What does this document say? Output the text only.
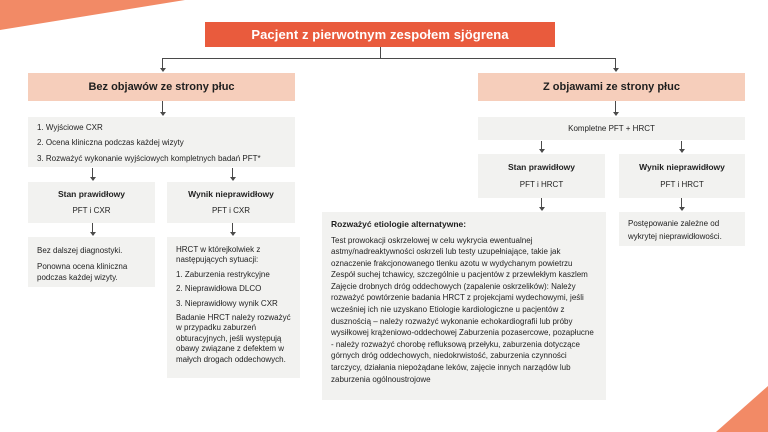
Pacjent z pierwotnym zespołem sjögrena
Bez objawów ze strony płuc
1. Wyjściowe CXR
2. Ocena kliniczna podczas każdej wizyty
3. Rozważyć wykonanie wyjściowych kompletnych badań PFT*
Stan prawidłowy
PFT i CXR
Wynik nieprawidłowy
PFT i CXR
Bez dalszej diagnostyki.
Ponowna ocena kliniczna podczas każdej wizyty.
HRCT w którejkolwiek z następujących sytuacji:
1. Zaburzenia restrykcyjne
2. Nieprawidłowa DLCO
3. Nieprawidłowy wynik CXR
Badanie HRCT należy rozważyć w przypadku zaburzeń obturacyjnych, jeśli występują obawy związane z defektem w małych drogach oddechowych.
Z objawami ze strony płuc
Kompletne PFT + HRCT
Stan prawidłowy
PFT i HRCT
Wynik nieprawidłowy
PFT i HRCT
Rozważyć etiologie alternatywne:
Test prowokacji oskrzelowej w celu wykrycia ewentualnej astmy/nadreaktywności oskrzeli lub testy uzupełniające, takie jak oznaczenie frakcjonowanego tlenku azotu w wydychanym powietrzu Zespół suchej tchawicy, szczególnie u pacjentów z przewlekłym kaszlem Zajęcie drobnych dróg oddechowych (zapalenie oskrzelików): Należy rozważyć powtórzenie badania HRCT z projekcjami wydechowymi, jeśli wcześniej ich nie uzyskano Etiologie kardiologiczne u pacjentów z dusznością – należy rozważyć wykonanie echokardiografii lub próby wysiłkowej krążeniowo-oddechowej Zaburzenia pozasercowe, pozapłucne - należy rozważyć chorobę refluksową przełyku, zaburzenia dotyczące górnych dróg oddechowych, niedokrwistość, zaburzenia czynności tarczycy, działania niepożądane leków, zajęcie innych narządów lub zaburzenia ogólnoustrojowe
Postępowanie zależne od wykrytej nieprawidłowości.
